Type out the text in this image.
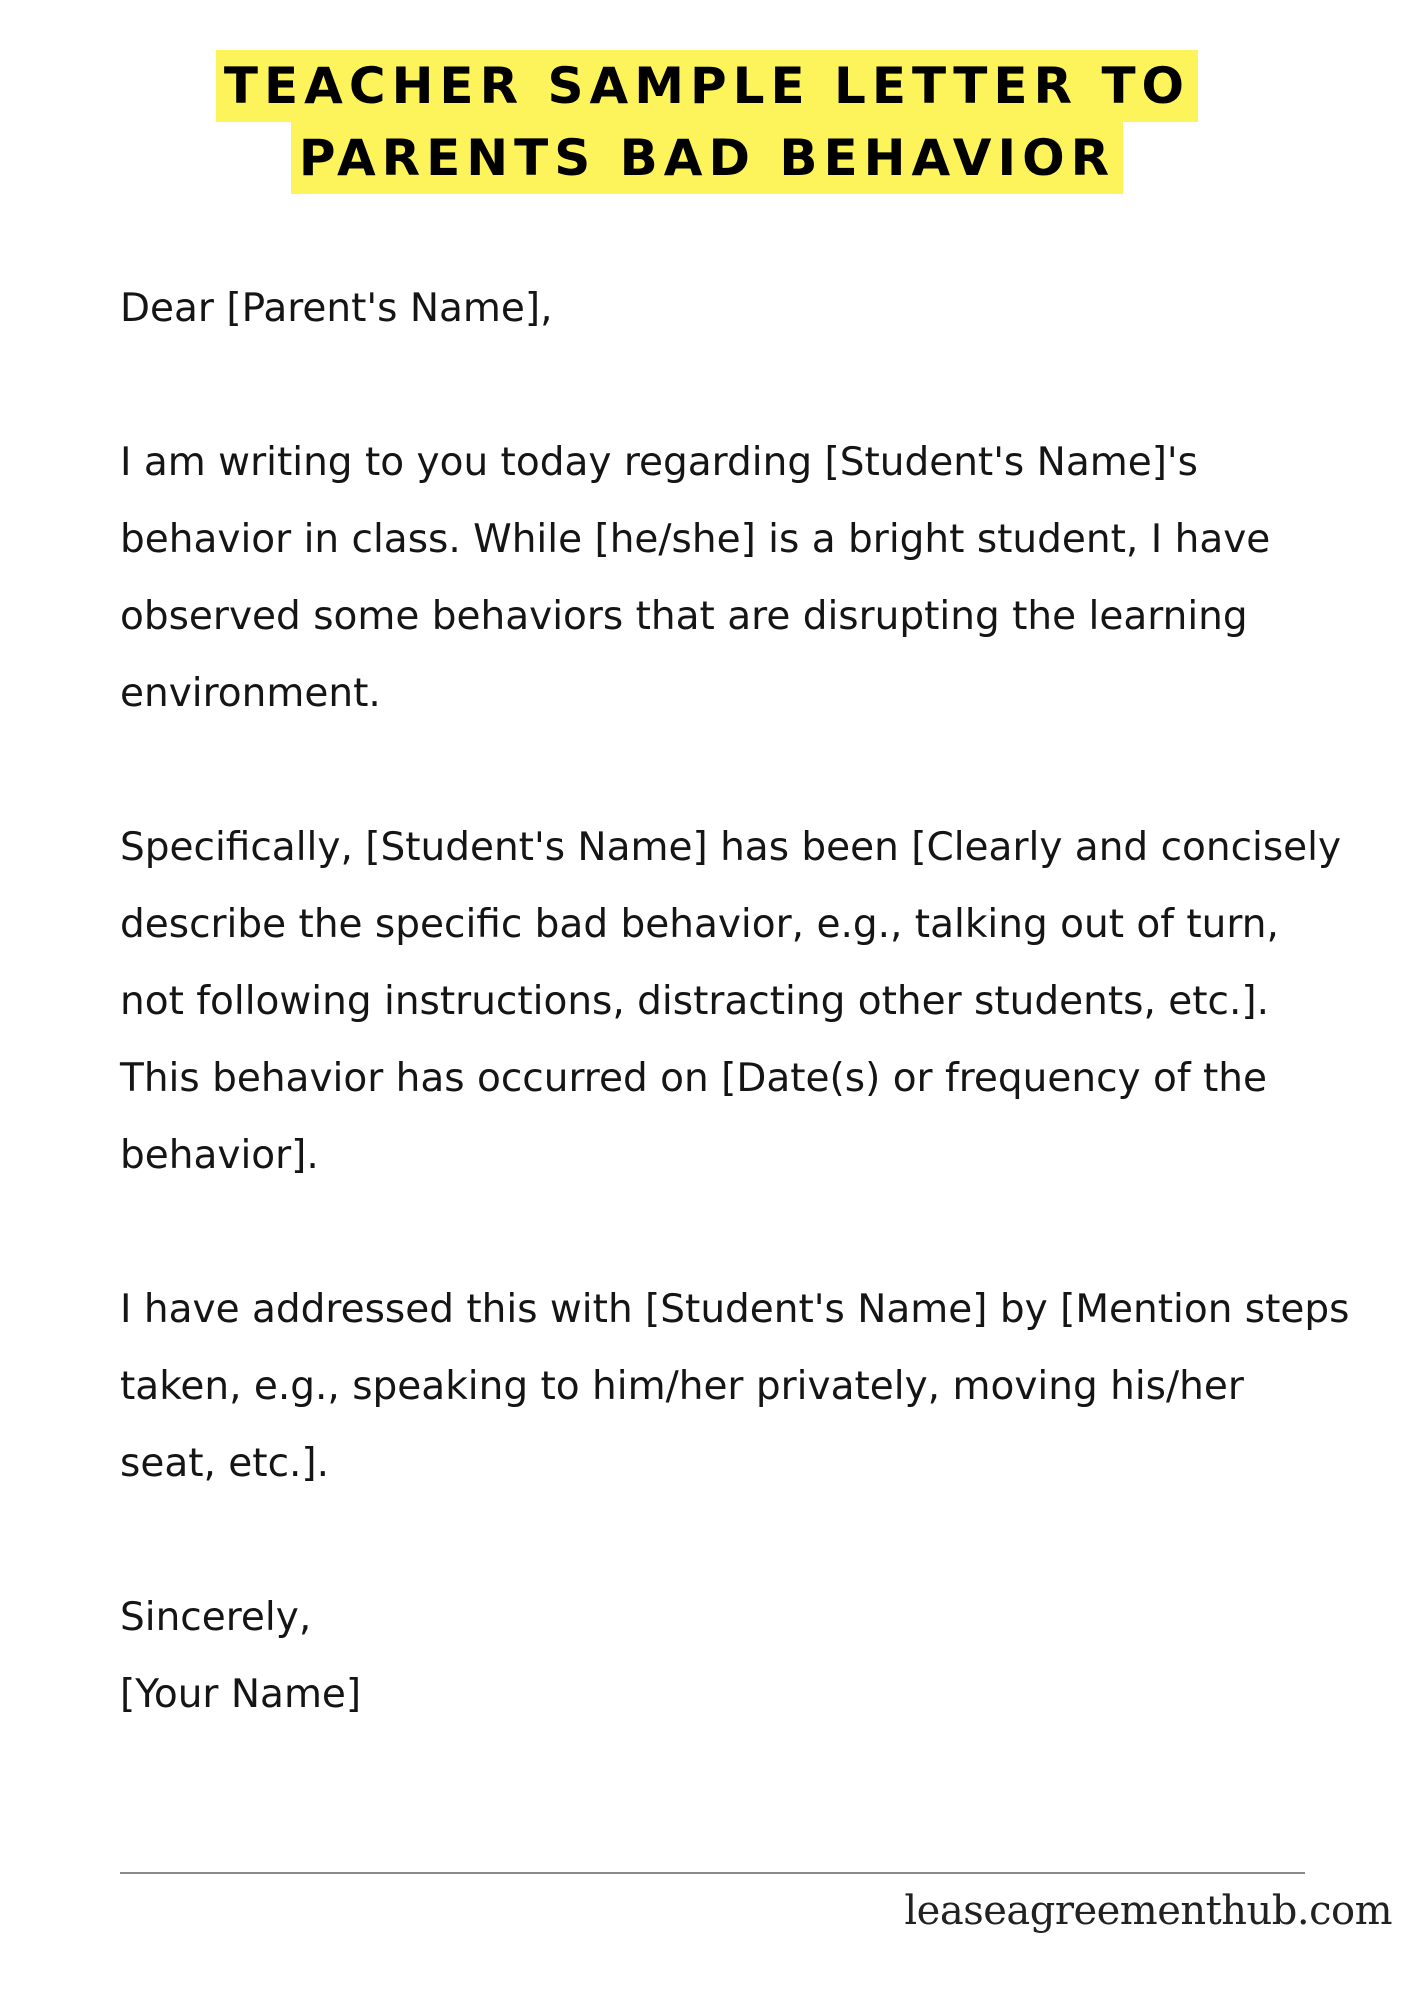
TEACHER SAMPLE LETTER TO
PARENTS BAD BEHAVIOR

Dear [Parent's Name],

I am writing to you today regarding [Student's Name]'s behavior in class. While [he/she] is a bright student, I have observed some behaviors that are disrupting the learning environment.

Specifically, [Student's Name] has been [Clearly and concisely describe the specific bad behavior, e.g., talking out of turn, not following instructions, distracting other students, etc.]. This behavior has occurred on [Date(s) or frequency of the behavior].

I have addressed this with [Student's Name] by [Mention steps taken, e.g., speaking to him/her privately, moving his/her seat, etc.].

Sincerely,

[Your Name]

leaseagreementhub.com
